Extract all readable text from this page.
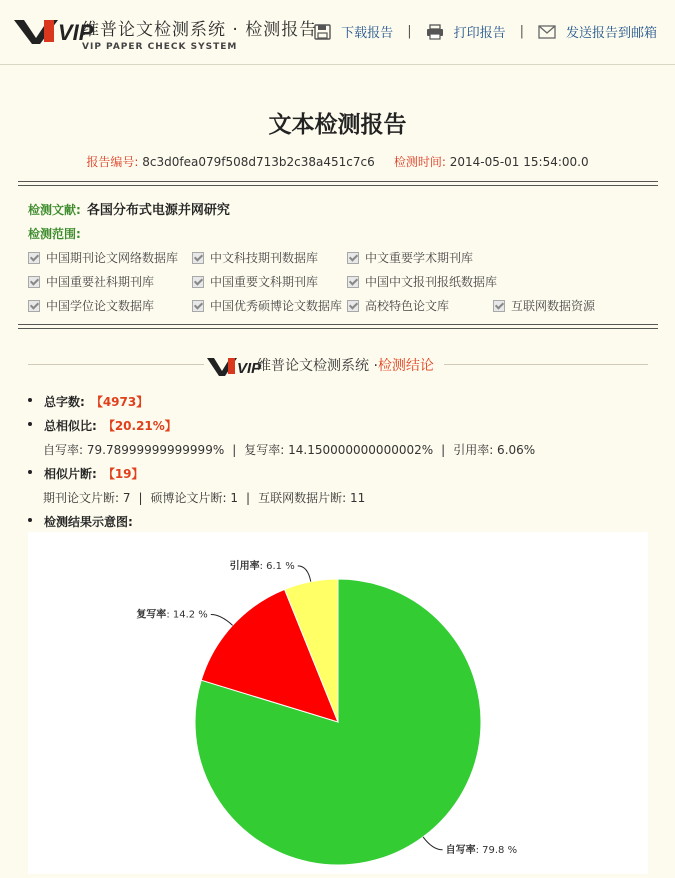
VIP
维普论文检测系统 · 检测报告
VIP PAPER CHECK SYSTEM
下载报告 |	打印报告 |	发送报告到邮箱
文本检测报告
报告编号: 8c3d0fea079f508d713b2c38a451c7c6 检测时间: 2014-05-01 15:54:00.0
检测文献: 各国分布式电源并网研究
检测范围:
中国期刊论文网络数据库	中文科技期刊数据库	中文重要学术期刊库
中国重要社科期刊库	中国重要文科期刊库	中国中文报刊报纸数据库
中国学位论文数据库	中国优秀硕博论文数据库 高校特色论文库	互联网数据资源
VIP
维普论文检测系统 · 检测结论
总字数: 【4973】
总相似比: 【20.21%】
自写率: 79.78999999999999% | 复写率: 14.150000000000002% | 引用率: 6.06%
相似片断: 【19】
期刊论文片断: 7 | 硕博论文片断: 1 | 互联网数据片断: 11
检测结果示意图:
自写率: 79.8 %
复写率: 14.2 %
引用率: 6.1 %
